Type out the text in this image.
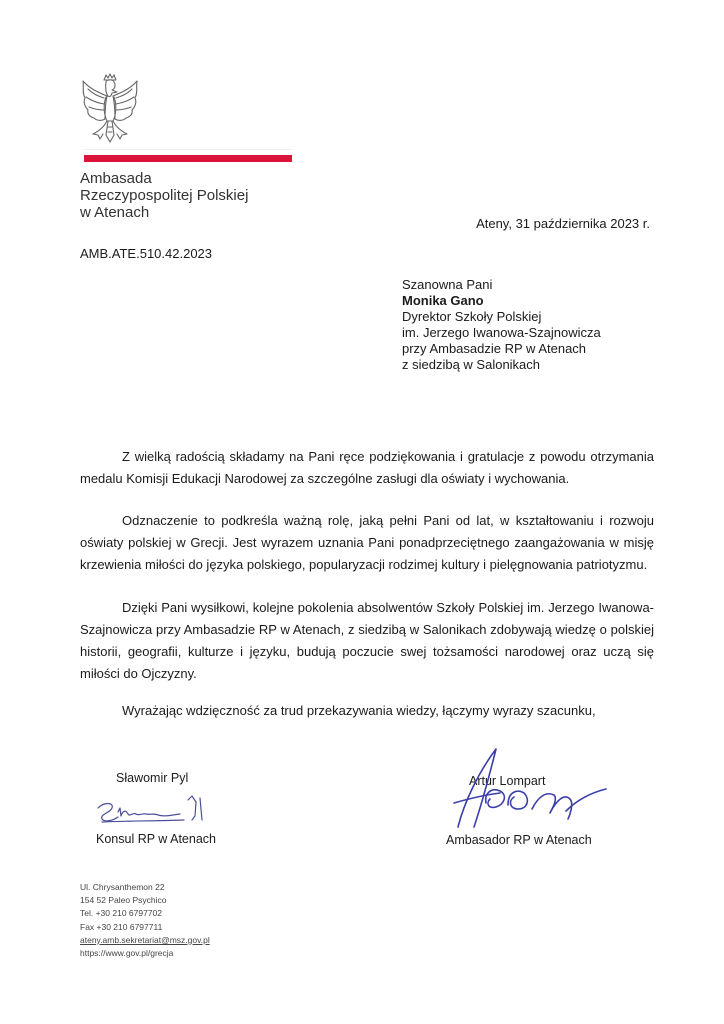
Ambasada
Rzeczypospolitej Polskiej
w Atenach
Ateny, 31 października 2023 r.
AMB.ATE.510.42.2023
Szanowna Pani
Monika Gano
Dyrektor Szkoły Polskiej
im. Jerzego Iwanowa-Szajnowicza
przy Ambasadzie RP w Atenach
z siedzibą w Salonikach

Z wielką radością składamy na Pani ręce podziękowania i gratulacje z powodu otrzymania medalu Komisji Edukacji Narodowej za szczególne zasługi dla oświaty i wychowania.

Odznaczenie to podkreśla ważną rolę, jaką pełni Pani od lat, w kształtowaniu i rozwoju oświaty polskiej w Grecji. Jest wyrazem uznania Pani ponadprzeciętnego zaangażowania w misję krzewienia miłości do języka polskiego, popularyzacji rodzimej kultury i pielęgnowania patriotyzmu.

Dzięki Pani wysiłkowi, kolejne pokolenia absolwentów Szkoły Polskiej im. Jerzego Iwanowa-Szajnowicza przy Ambasadzie RP w Atenach, z siedzibą w Salonikach zdobywają wiedzę o polskiej historii, geografii, kulturze i języku, budują poczucie swej tożsamości narodowej oraz uczą się miłości do Ojczyzny.

Wyrażając wdzięczność za trud przekazywania wiedzy, łączymy wyrazy szacunku,

Sławomir Pyl
Konsul RP w Atenach
Artur Lompart
Ambasador RP w Atenach
Ul. Chrysanthemon 22
154 52 Paleo Psychico
Tel. +30 210 6797702
Fax +30 210 6797711
ateny.amb.sekretariat@msz.gov.pl
https://www.gov.pl/grecja
